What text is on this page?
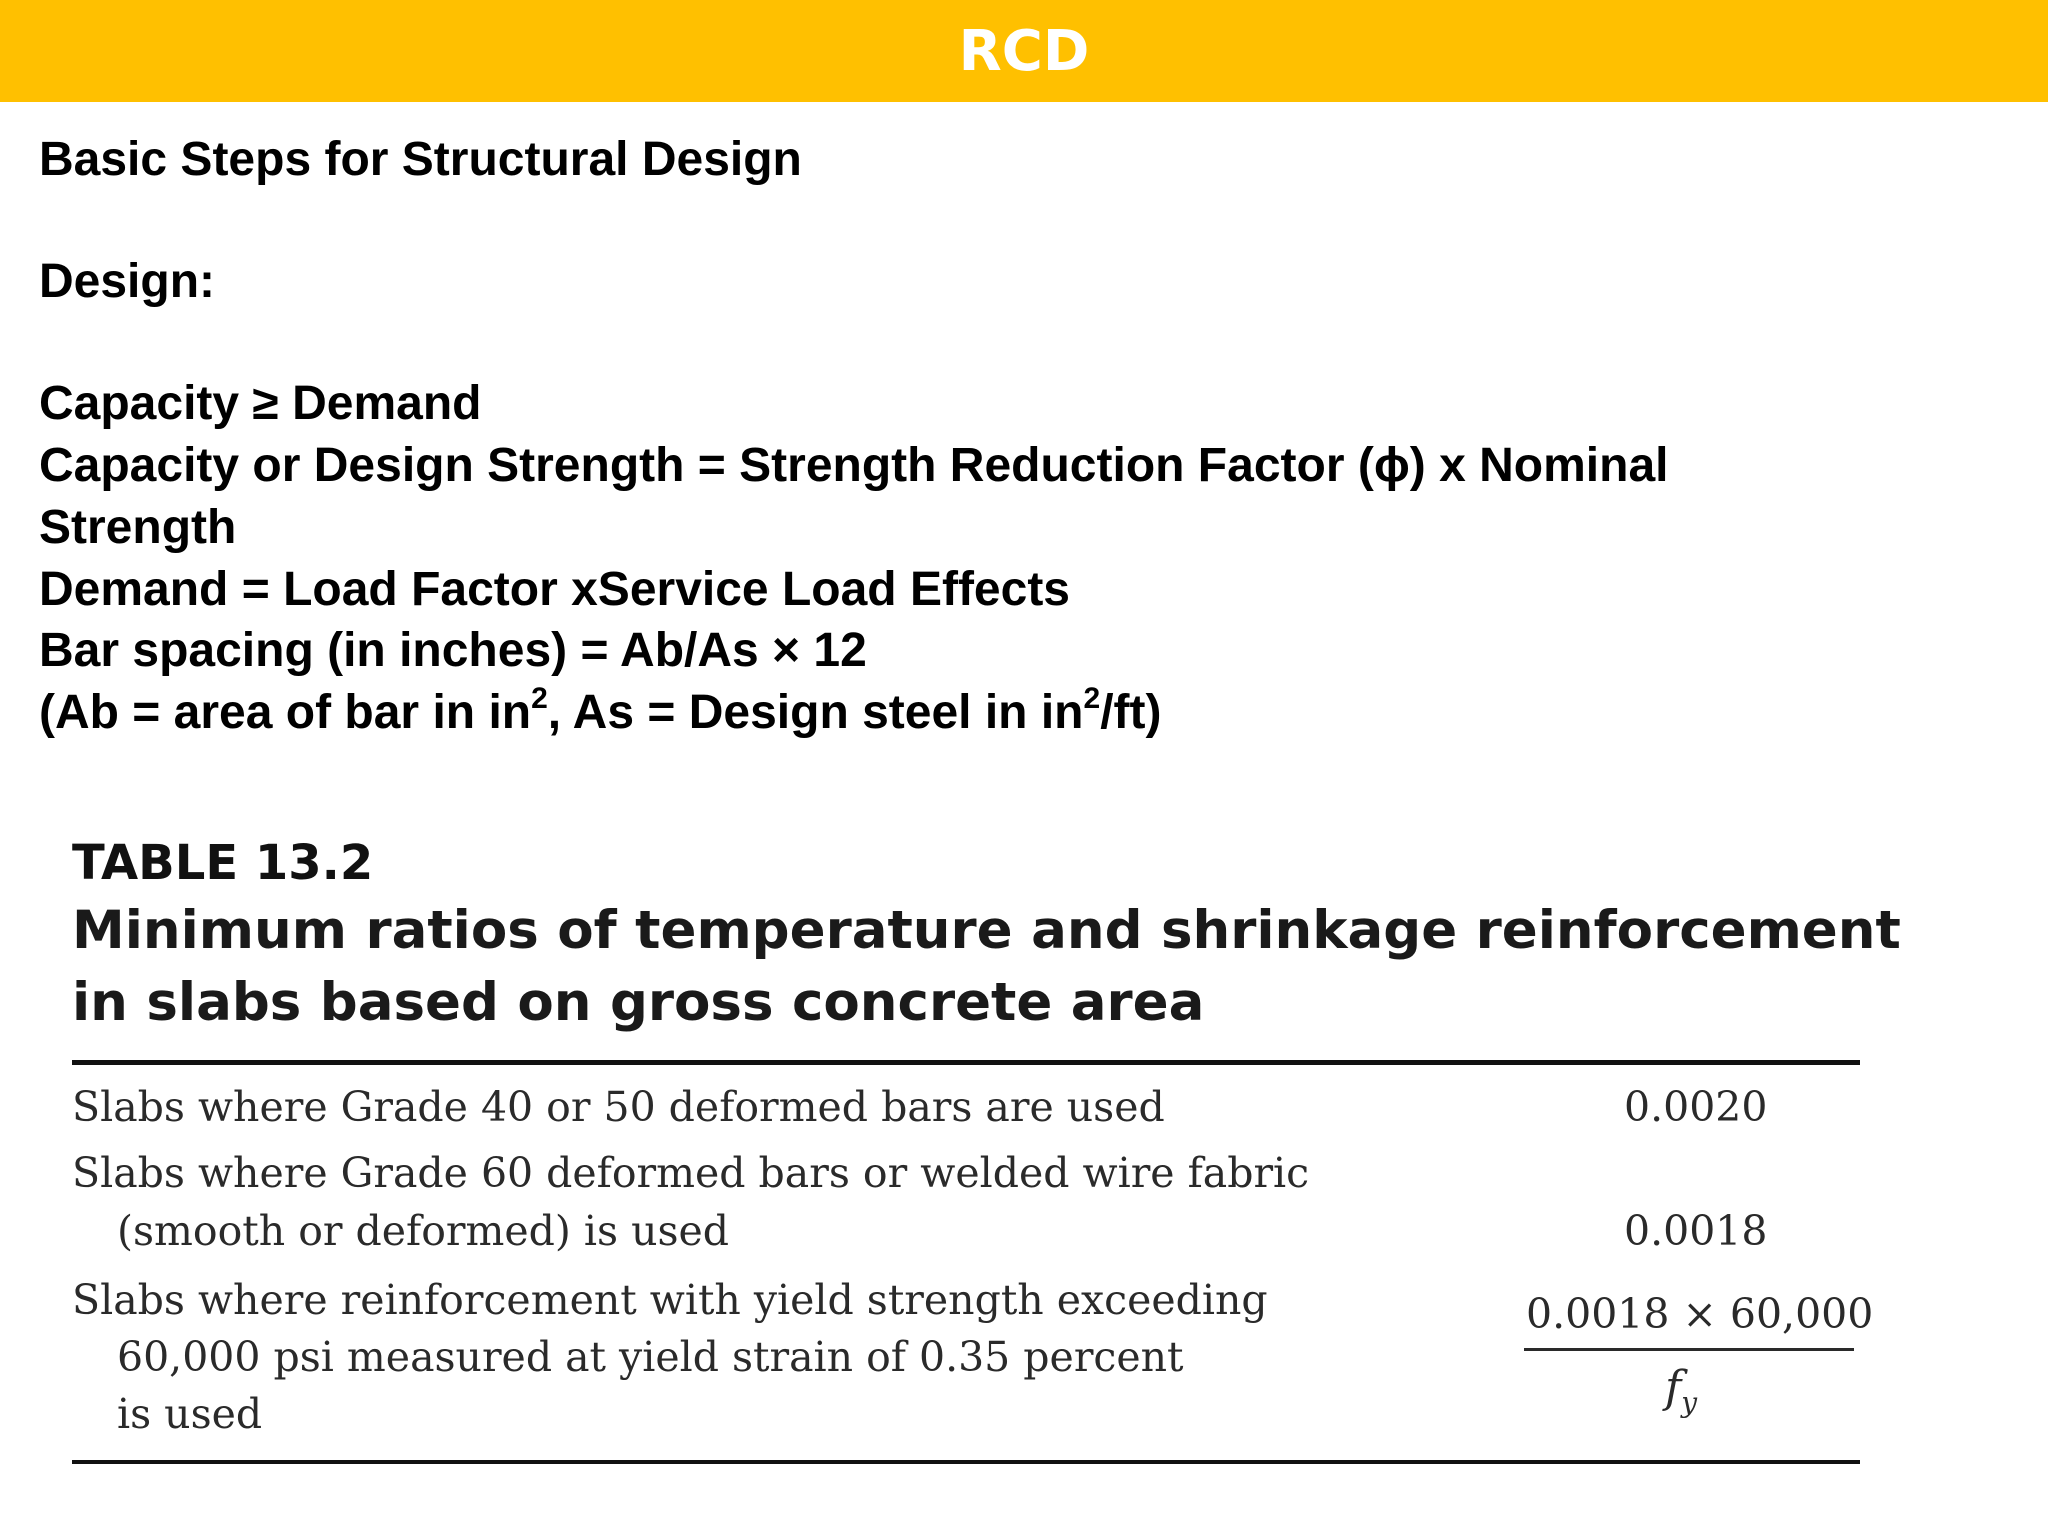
RCD
Basic Steps for Structural Design
Design:
Capacity ≥ Demand
Capacity or Design Strength = Strength Reduction Factor (ϕ) x Nominal
Strength
Demand = Load Factor xService Load Effects
Bar spacing (in inches) = Ab/As × 12
(Ab = area of bar in $in^2$, As = Design steel in $in^2/ft$)
TABLE 13.2
Minimum ratios of temperature and shrinkage reinforcement
in slabs based on gross concrete area
Slabs where Grade 40 or 50 deformed bars are used	0.0020
Slabs where Grade 60 deformed bars or welded wire fabric
(smooth or deformed) is used	0.0018
Slabs where reinforcement with yield strength exceeding
60,000 psi measured at yield strain of 0.35 percent
is used
0.0018 × 60,000
$f_y$
